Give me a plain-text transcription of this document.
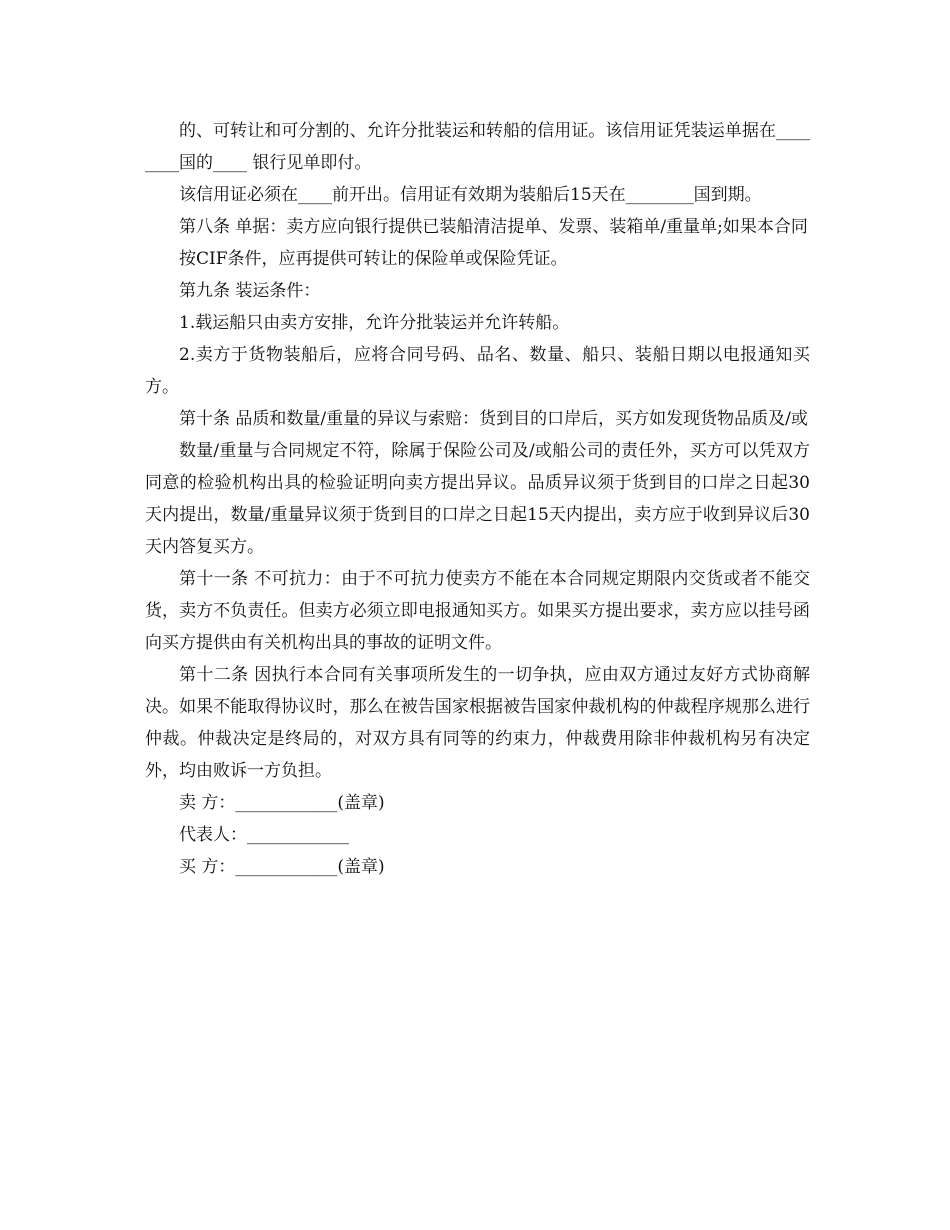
的、可转让和可分割的、允许分批装运和转船的信用证。该信用证凭装运单据在________国的____ 银行见单即付。

该信用证必须在____前开出。信用证有效期为装船后15天在________国到期。

第八条 单据：卖方应向银行提供已装船清洁提单、发票、装箱单/重量单;如果本合同

按CIF条件，应再提供可转让的保险单或保险凭证。

第九条 装运条件：

1.载运船只由卖方安排，允许分批装运并允许转船。

2.卖方于货物装船后，应将合同号码、品名、数量、船只、装船日期以电报通知买方。

第十条 品质和数量/重量的异议与索赔：货到目的口岸后，买方如发现货物品质及/或

数量/重量与合同规定不符，除属于保险公司及/或船公司的责任外，买方可以凭双方同意的检验机构出具的检验证明向卖方提出异议。品质异议须于货到目的口岸之日起30天内提出，数量/重量异议须于货到目的口岸之日起15天内提出，卖方应于收到异议后30天内答复买方。

第十一条 不可抗力：由于不可抗力使卖方不能在本合同规定期限内交货或者不能交货，卖方不负责任。但卖方必须立即电报通知买方。如果买方提出要求，卖方应以挂号函向买方提供由有关机构出具的事故的证明文件。

第十二条 因执行本合同有关事项所发生的一切争执，应由双方通过友好方式协商解决。如果不能取得协议时，那么在被告国家根据被告国家仲裁机构的仲裁程序规那么进行仲裁。仲裁决定是终局的，对双方具有同等的约束力，仲裁费用除非仲裁机构另有决定外，均由败诉一方负担。

卖 方：____________(盖章)

代表人：____________

买 方：____________(盖章)
